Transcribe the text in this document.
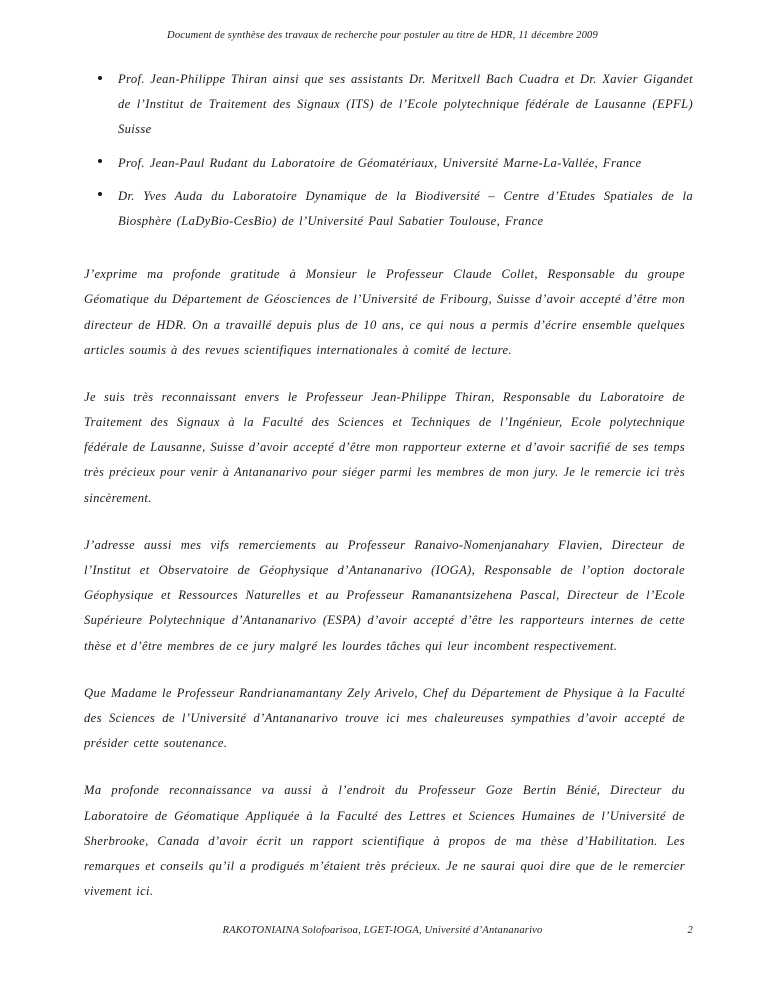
Document de synthèse des travaux de recherche pour postuler au titre de HDR, 11 décembre 2009
Prof. Jean-Philippe Thiran ainsi que ses assistants Dr. Meritxell Bach Cuadra et Dr. Xavier Gigandet de l’Institut de Traitement des Signaux (ITS) de l’Ecole polytechnique fédérale de Lausanne (EPFL) Suisse
Prof. Jean-Paul Rudant du Laboratoire de Géomatériaux, Université Marne-La-Vallée, France
Dr. Yves Auda du Laboratoire Dynamique de la Biodiversité – Centre d’Etudes Spatiales de la Biosphère (LaDyBio-CesBio) de l’Université Paul Sabatier Toulouse, France

J’exprime ma profonde gratitude à Monsieur le Professeur Claude Collet, Responsable du groupe Géomatique du Département de Géosciences de l’Université de Fribourg, Suisse d’avoir accepté d’être mon directeur de HDR. On a travaillé depuis plus de 10 ans, ce qui nous a permis d’écrire ensemble quelques articles soumis à des revues scientifiques internationales à comité de lecture.

Je suis très reconnaissant envers le Professeur Jean-Philippe Thiran, Responsable du Laboratoire de Traitement des Signaux à la Faculté des Sciences et Techniques de l’Ingénieur, Ecole polytechnique fédérale de Lausanne, Suisse d’avoir accepté d’être mon rapporteur externe et d’avoir sacrifié de ses temps très précieux pour venir à Antananarivo pour siéger parmi les membres de mon jury. Je le remercie ici très sincèrement.

J’adresse aussi mes vifs remerciements au Professeur Ranaivo-Nomenjanahary Flavien, Directeur de l’Institut et Observatoire de Géophysique d’Antananarivo (IOGA), Responsable de l’option doctorale Géophysique et Ressources Naturelles et au Professeur Ramanantsizehena Pascal, Directeur de l’Ecole Supérieure Polytechnique d’Antananarivo (ESPA) d’avoir accepté d’être les rapporteurs internes de cette thèse et d’être membres de ce jury malgré les lourdes tâches qui leur incombent respectivement.

Que Madame le Professeur Randrianamantany Zely Arivelo, Chef du Département de Physique à la Faculté des Sciences de l’Université d’Antananarivo trouve ici mes chaleureuses sympathies d’avoir accepté de présider cette soutenance.

Ma profonde reconnaissance va aussi à l’endroit du Professeur Goze Bertin Bénié, Directeur du Laboratoire de Géomatique Appliquée à la Faculté des Lettres et Sciences Humaines de l’Université de Sherbrooke, Canada d’avoir écrit un rapport scientifique à propos de ma thèse d’Habilitation. Les remarques et conseils qu’il a prodigués m’étaient très précieux. Je ne saurai quoi dire que de le remercier vivement ici.

RAKOTONIAINA Solofoarisoa, LGET-IOGA, Université d’Antananarivo	2
